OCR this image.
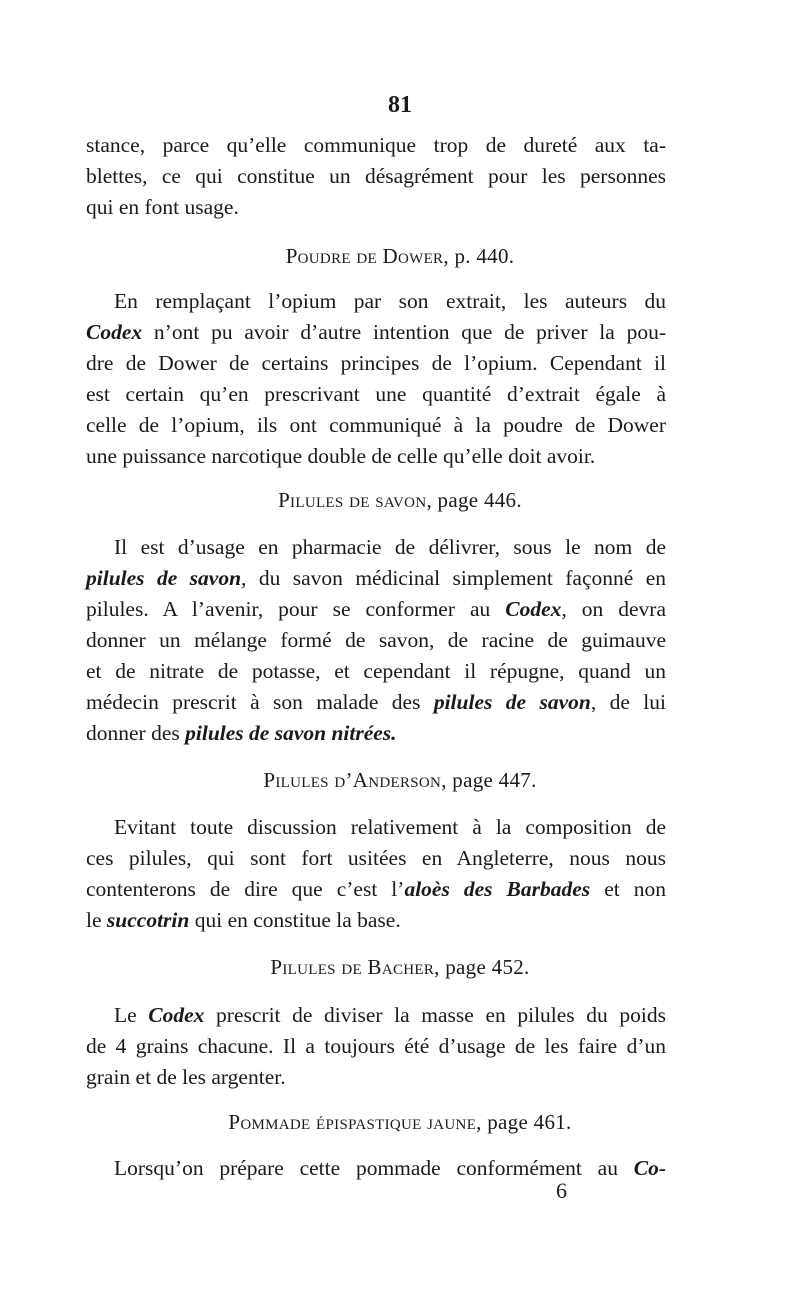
81
stance, parce qu’elle communique trop de dureté aux ta-
blettes, ce qui constitue un désagrément pour les personnes
qui en font usage.
Poudre de Dower, p. 440.
En remplaçant l’opium par son extrait, les auteurs du
Codex n’ont pu avoir d’autre intention que de priver la pou-
dre de Dower de certains principes de l’opium. Cependant il
est certain qu’en prescrivant une quantité d’extrait égale à
celle de l’opium, ils ont communiqué à la poudre de Dower
une puissance narcotique double de celle qu’elle doit avoir.
Pilules de savon, page 446.
Il est d’usage en pharmacie de délivrer, sous le nom de
pilules de savon, du savon médicinal simplement façonné en
pilules. A l’avenir, pour se conformer au Codex, on devra
donner un mélange formé de savon, de racine de guimauve
et de nitrate de potasse, et cependant il répugne, quand un
médecin prescrit à son malade des pilules de savon, de lui
donner des pilules de savon nitrées.
Pilules d’Anderson, page 447.
Evitant toute discussion relativement à la composition de
ces pilules, qui sont fort usitées en Angleterre, nous nous
contenterons de dire que c’est l’aloès des Barbades et non
le succotrin qui en constitue la base.
Pilules de Bacher, page 452.
Le Codex prescrit de diviser la masse en pilules du poids
de 4 grains chacune. Il a toujours été d’usage de les faire d’un
grain et de les argenter.
Pommade épispastique jaune, page 461.
Lorsqu’on prépare cette pommade conformément au Co-
6
